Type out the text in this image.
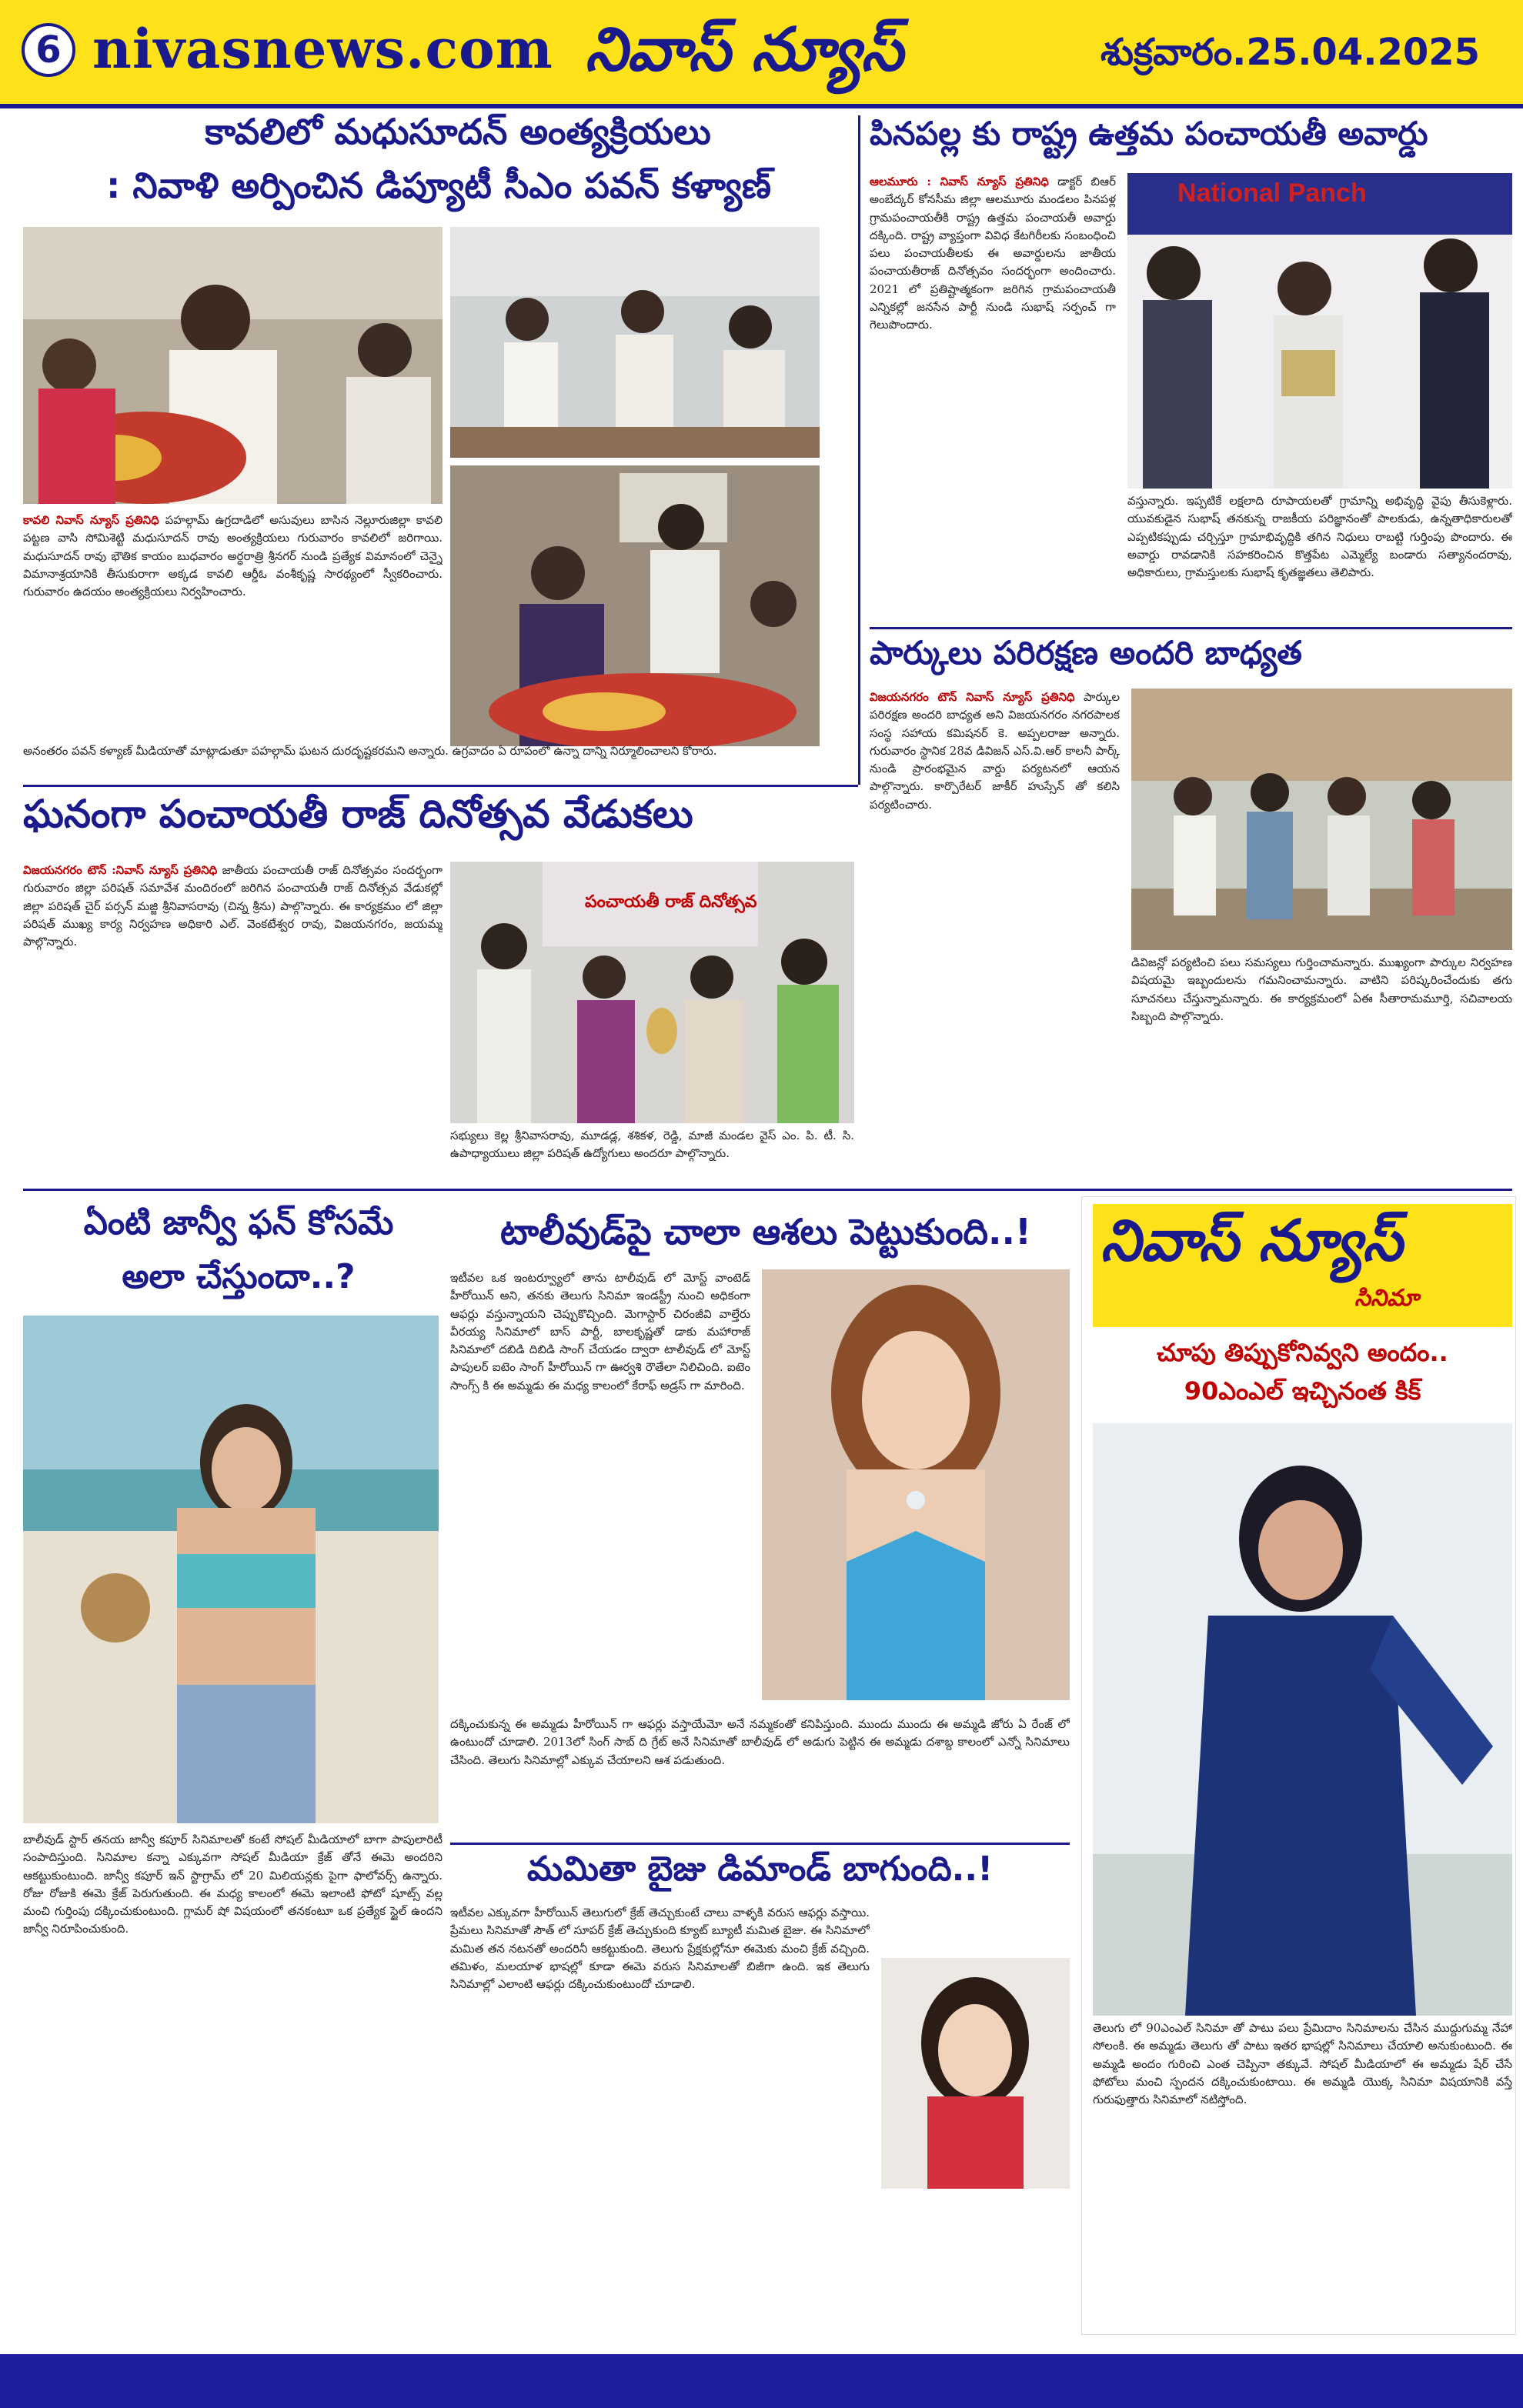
6 nivasnews.com నివాస్ న్యూస్	శుక్రవారం.25.04.2025
కావలిలో మధుసూదన్ అంత్యక్రియలు
: నివాళి అర్పించిన డిప్యూటీ సీఎం పవన్ కళ్యాణ్
కావలి నివాస్ న్యూస్ ప్రతినిధి పహల్గామ్ ఉగ్రదాడిలో అసువులు బాసిన నెల్లూరుజిల్లా కావలి పట్టణ వాసి సోమిశెట్టి మధుసూదన్ రావు అంత్యక్రియలు గురువారం కావలిలో జరిగాయి. మధుసూదన్ రావు భౌతిక కాయం బుధవారం అర్ధరాత్రి శ్రీనగర్ నుండి ప్రత్యేక విమానంలో చెన్నై విమానాశ్రయానికి తీసుకురాగా అక్కడ కావలి ఆర్డీఓ వంశీకృష్ణ సారథ్యంలో స్వీకరించారు. గురువారం ఉదయం అంత్యక్రియలు నిర్వహించారు.
అనంతరం పవన్ కళ్యాణ్ మీడియాతో మాట్లాడుతూ పహల్గామ్ ఘటన దురదృష్టకరమని అన్నారు. ఉగ్రవాదం ఏ రూపంలో ఉన్నా దాన్ని నిర్మూలించాలని కోరారు.
పినపల్ల కు రాష్ట్ర ఉత్తమ పంచాయతీ అవార్డు
ఆలమూరు : నివాస్ న్యూస్ ప్రతినిధి డాక్టర్ బిఆర్ అంబేద్కర్ కోనసీమ జిల్లా ఆలమూరు మండలం పినపళ్ల గ్రామపంచాయతీకి రాష్ట్ర ఉత్తమ పంచాయతీ అవార్డు దక్కింది. రాష్ట్ర వ్యాప్తంగా వివిధ కేటగిరీలకు సంబంధించి పలు పంచాయతీలకు ఈ అవార్డులను జాతీయ పంచాయతీరాజ్ దినోత్సవం సందర్భంగా అందించారు. 2021 లో ప్రతిష్టాత్మకంగా జరిగిన గ్రామపంచాయతీ ఎన్నికల్లో జనసేన పార్టీ నుండి సుభాష్ సర్పంచ్ గా గెలుపొందారు.
National Panch
వస్తున్నారు. ఇప్పటికే లక్షలాది రూపాయలతో గ్రామాన్ని అభివృద్ధి వైపు తీసుకెళ్లారు. యువకుడైన సుభాష్ తనకున్న రాజకీయ పరిజ్ఞానంతో పాలకుడు, ఉన్నతాధికారులతో ఎప్పటికప్పుడు చర్చిస్తూ గ్రామాభివృద్ధికి తగిన నిధులు రాబట్టి గుర్తింపు పొందారు. ఈ అవార్డు రావడానికి సహకరించిన కొత్తపేట ఎమ్మెల్యే బండారు సత్యానందరావు, అధికారులు, గ్రామస్తులకు సుభాష్ కృతజ్ఞతలు తెలిపారు.
పార్కులు పరిరక్షణ అందరి బాధ్యత
విజయనగరం టౌన్ నివాస్ న్యూస్ ప్రతినిధి పార్కుల పరిరక్షణ అందరి బాధ్యత అని విజయనగరం నగరపాలక సంస్థ సహాయ కమిషనర్ కె. అప్పలరాజు అన్నారు. గురువారం స్థానిక 28వ డివిజన్ ఎస్.వి.ఆర్ కాలనీ పార్క్ నుండి ప్రారంభమైన వార్డు పర్యటనలో ఆయన పాల్గొన్నారు. కార్పొరేటర్ జాకీర్ హుస్సేన్ తో కలిసి పర్యటించారు.
డివిజన్లో పర్యటించి పలు సమస్యలు గుర్తించామన్నారు. ముఖ్యంగా పార్కుల నిర్వహణ విషయమై ఇబ్బందులను గమనించామన్నారు. వాటిని పరిష్కరించేందుకు తగు సూచనలు చేస్తున్నామన్నారు. ఈ కార్యక్రమంలో ఏఈ సీతారామమూర్తి, సచివాలయ సిబ్బంది పాల్గొన్నారు.
ఘనంగా పంచాయతీ రాజ్ దినోత్సవ వేడుకలు
విజయనగరం టౌన్ :నివాస్ న్యూస్ ప్రతినిధి జాతీయ పంచాయతీ రాజ్ దినోత్సవం సందర్భంగా గురువారం జిల్లా పరిషత్ సమావేశ మందిరంలో జరిగిన పంచాయతీ రాజ్ దినోత్సవ వేడుకల్లో జిల్లా పరిషత్ చైర్ పర్సన్ మజ్జి శ్రీనివాసరావు (చిన్న శ్రీను) పాల్గొన్నారు. ఈ కార్యక్రమం లో జిల్లా పరిషత్ ముఖ్య కార్య నిర్వహణ అధికారి ఎల్. వెంకటేశ్వర రావు, విజయనగరం, జయమ్మ పాల్గొన్నారు.
పంచాయతీ రాజ్ దినోత్సవ
సభ్యులు కెల్ల శ్రీనివాసరావు, మూడడ్ల, శశికళ, రెడ్డి, మాజీ మండల వైస్ ఎం. పి. టీ. సి. ఉపాధ్యాయులు జిల్లా పరిషత్ ఉద్యోగులు అందరూ పాల్గొన్నారు.
ఏంటి జాన్వీ ఫన్ కోసమే
అలా చేస్తుందా..?
బాలీవుడ్ స్టార్ తనయ జాన్వీ కపూర్ సినిమాలతో కంటే సోషల్ మీడియాలో బాగా పాపులారిటీ సంపాదిస్తుంది. సినిమాల కన్నా ఎక్కువగా సోషల్ మీడియా క్రేజ్ తోనే ఈమె అందరిని ఆకట్టుకుంటుంది. జాన్వీ కపూర్ ఇన్ స్టాగ్రామ్ లో 20 మిలియన్లకు పైగా ఫాలోవర్స్ ఉన్నారు. రోజు రోజుకి ఈమె క్రేజ్ పెరుగుతుంది. ఈ మధ్య కాలంలో ఈమె ఇలాంటి ఫోటో షూట్స్ వల్ల మంచి గుర్తింపు దక్కించుకుంటుంది. గ్లామర్ షో విషయంలో తనకంటూ ఒక ప్రత్యేక స్టైల్ ఉందని జాన్వీ నిరూపించుకుంది.
టాలీవుడ్‌పై చాలా ఆశలు పెట్టుకుంది..!
ఇటీవల ఒక ఇంటర్వ్యూలో తాను టాలీవుడ్ లో మోస్ట్ వాంటెడ్ హీరోయిన్ అని, తనకు తెలుగు సినిమా ఇండస్ట్రీ నుంచి అధికంగా ఆఫర్లు వస్తున్నాయని చెప్పుకొచ్చింది. మెగాస్టార్ చిరంజీవి వాల్తేరు వీరయ్య సినిమాలో బాస్ పార్టీ, బాలకృష్ణతో డాకు మహారాజ్ సినిమాలో దబిడి దిబిడి సాంగ్ చేయడం ద్వారా టాలీవుడ్ లో మోస్ట్ పాపులర్ ఐటెం సాంగ్ హీరోయిన్ గా ఊర్వశి రౌతేలా నిలిచింది. ఐటెం సాంగ్స్ కి ఈ అమ్మడు ఈ మధ్య కాలంలో కేరాఫ్ అడ్రస్ గా మారింది.
దక్కించుకున్న ఈ అమ్మడు హీరోయిన్ గా ఆఫర్లు వస్తాయేమో అనే నమ్మకంతో కనిపిస్తుంది. ముందు ముందు ఈ అమ్మడి జోరు ఏ రేంజ్ లో ఉంటుందో చూడాలి. 2013లో సింగ్ సాబ్ ది గ్రేట్ అనే సినిమాతో బాలీవుడ్ లో అడుగు పెట్టిన ఈ అమ్మడు దశాబ్ద కాలంలో ఎన్నో సినిమాలు చేసింది. తెలుగు సినిమాల్లో ఎక్కువ చేయాలని ఆశ పడుతుంది.
మమితా బైజు డిమాండ్ బాగుంది..!
ఇటీవల ఎక్కువగా హీరోయిన్ తెలుగులో క్రేజ్ తెచ్చుకుంటే చాలు వాళ్ళకి వరుస ఆఫర్లు వస్తాయి. ప్రేమలు సినిమాతో సౌత్ లో సూపర్ క్రేజ్ తెచ్చుకుంది క్యూట్ బ్యూటీ మమిత బైజు. ఈ సినిమాలో మమిత తన నటనతో అందరినీ ఆకట్టుకుంది. తెలుగు ప్రేక్షకుల్లోనూ ఈమెకు మంచి క్రేజ్ వచ్చింది. తమిళం, మలయాళ భాషల్లో కూడా ఈమె వరుస సినిమాలతో బిజీగా ఉంది. ఇక తెలుగు సినిమాల్లో ఎలాంటి ఆఫర్లు దక్కించుకుంటుందో చూడాలి.
నివాస్ న్యూస్
సినిమా
చూపు తిప్పుకోనివ్వని అందం..
90ఎంఎల్ ఇచ్చినంత కిక్
తెలుగు లో 90ఎంఎల్ సినిమా తో పాటు పలు ప్రేమిదాం సినిమాలను చేసిన ముద్దుగుమ్మ నేహా సోలంకి. ఈ అమ్మడు తెలుగు తో పాటు ఇతర భాషల్లో సినిమాలు చేయాలి అనుకుంటుంది. ఈ అమ్మడి అందం గురించి ఎంత చెప్పినా తక్కువే. సోషల్ మీడియాలో ఈ అమ్మడు షేర్ చేసే ఫోటోలు మంచి స్పందన దక్కించుకుంటాయి. ఈ అమ్మడి యొక్క సినిమా విషయానికి వస్తే గురుఫుత్తారు సినిమాలో నటిస్తోంది.
